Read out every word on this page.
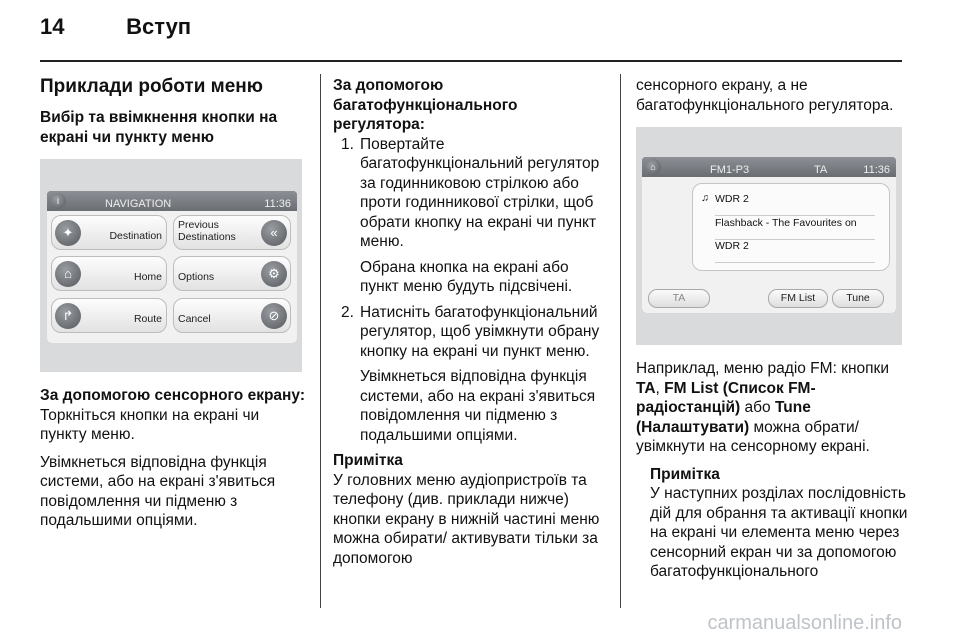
14	Вступ
Приклади роботи меню
Вибір та ввімкнення кнопки на екрані чи пункту меню
i	NAVIGATION	11:36
✦	Destination
Previous
Destinations	«
⌂	Home Options	⚙
↱	Route Cancel	⊘
За допомогою сенсорного екрану:

Торкніться кнопки на екрані чи пункту меню.

Увімкнеться відповідна функція системи, або на екрані з'явиться повідомлення чи підменю з подальшими опціями.

За допомогою багатофункціонального регулятора:
1. Повертайте багатофункціональний регулятор за годинниковою стрілкою або проти годинникової стрілки, щоб обрати кнопку на екрані чи пункт меню.

Обрана кнопка на екрані або пункт меню будуть підсвічені.

2. Натисніть багатофункціональний регулятор, щоб увімкнути обрану кнопку на екрані чи пункт меню.

Увімкнеться відповідна функція системи, або на екрані з'явиться повідомлення чи підменю з подальшими опціями.

Примітка
У головних меню аудіопристроїв та телефону (див. приклади нижче) кнопки екрану в нижній частині меню можна обирати/ активувати тільки за допомогою

сенсорного екрану, а не багатофункціонального регулятора.

⌂	FM1-P3	TA	11:36
♫ WDR 2
Flashback - The Favourites on
WDR 2
TA	FM List	Tune

Наприклад, меню радіо FM: кнопки TA, FM List (Список FM-радіостанцій) або Tune (Налаштувати) можна обрати/ увімкнути на сенсорному екрані.

Примітка
У наступних розділах послідовність дій для обрання та активації кнопки на екрані чи елемента меню через сенсорний екран чи за допомогою багатофункціонального
carmanualsonline.info
